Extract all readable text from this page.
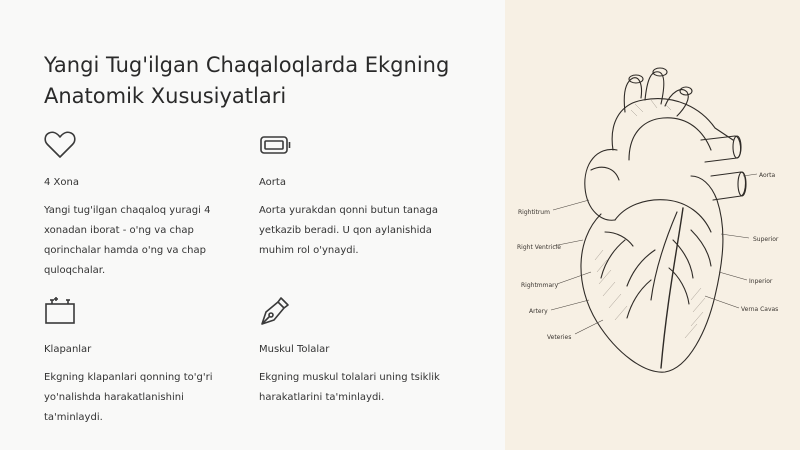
Yangi Tug'ilgan Chaqaloqlarda Ekgning
Anatomik Xususiyatlari
4 Xona
Yangi tug'ilgan chaqaloq yuragi 4 xonadan iborat - o'ng va chap qorinchalar hamda o'ng va chap quloqchalar.
Aorta
Aorta yurakdan qonni butun tanaga yetkazib beradi. U qon aylanishida muhim rol o'ynaydi.
Klapanlar
Ekgning klapanlari qonning to'g'ri yo'nalishda harakatlanishini ta'minlaydi.
Muskul Tolalar
Ekgning muskul tolalari uning tsiklik harakatlarini ta'minlaydi.
Aorta
Rightitrum
Right Ventricle
Rightmmary
Artery
Veteries
Superior
Inperior
Verna Cavas
